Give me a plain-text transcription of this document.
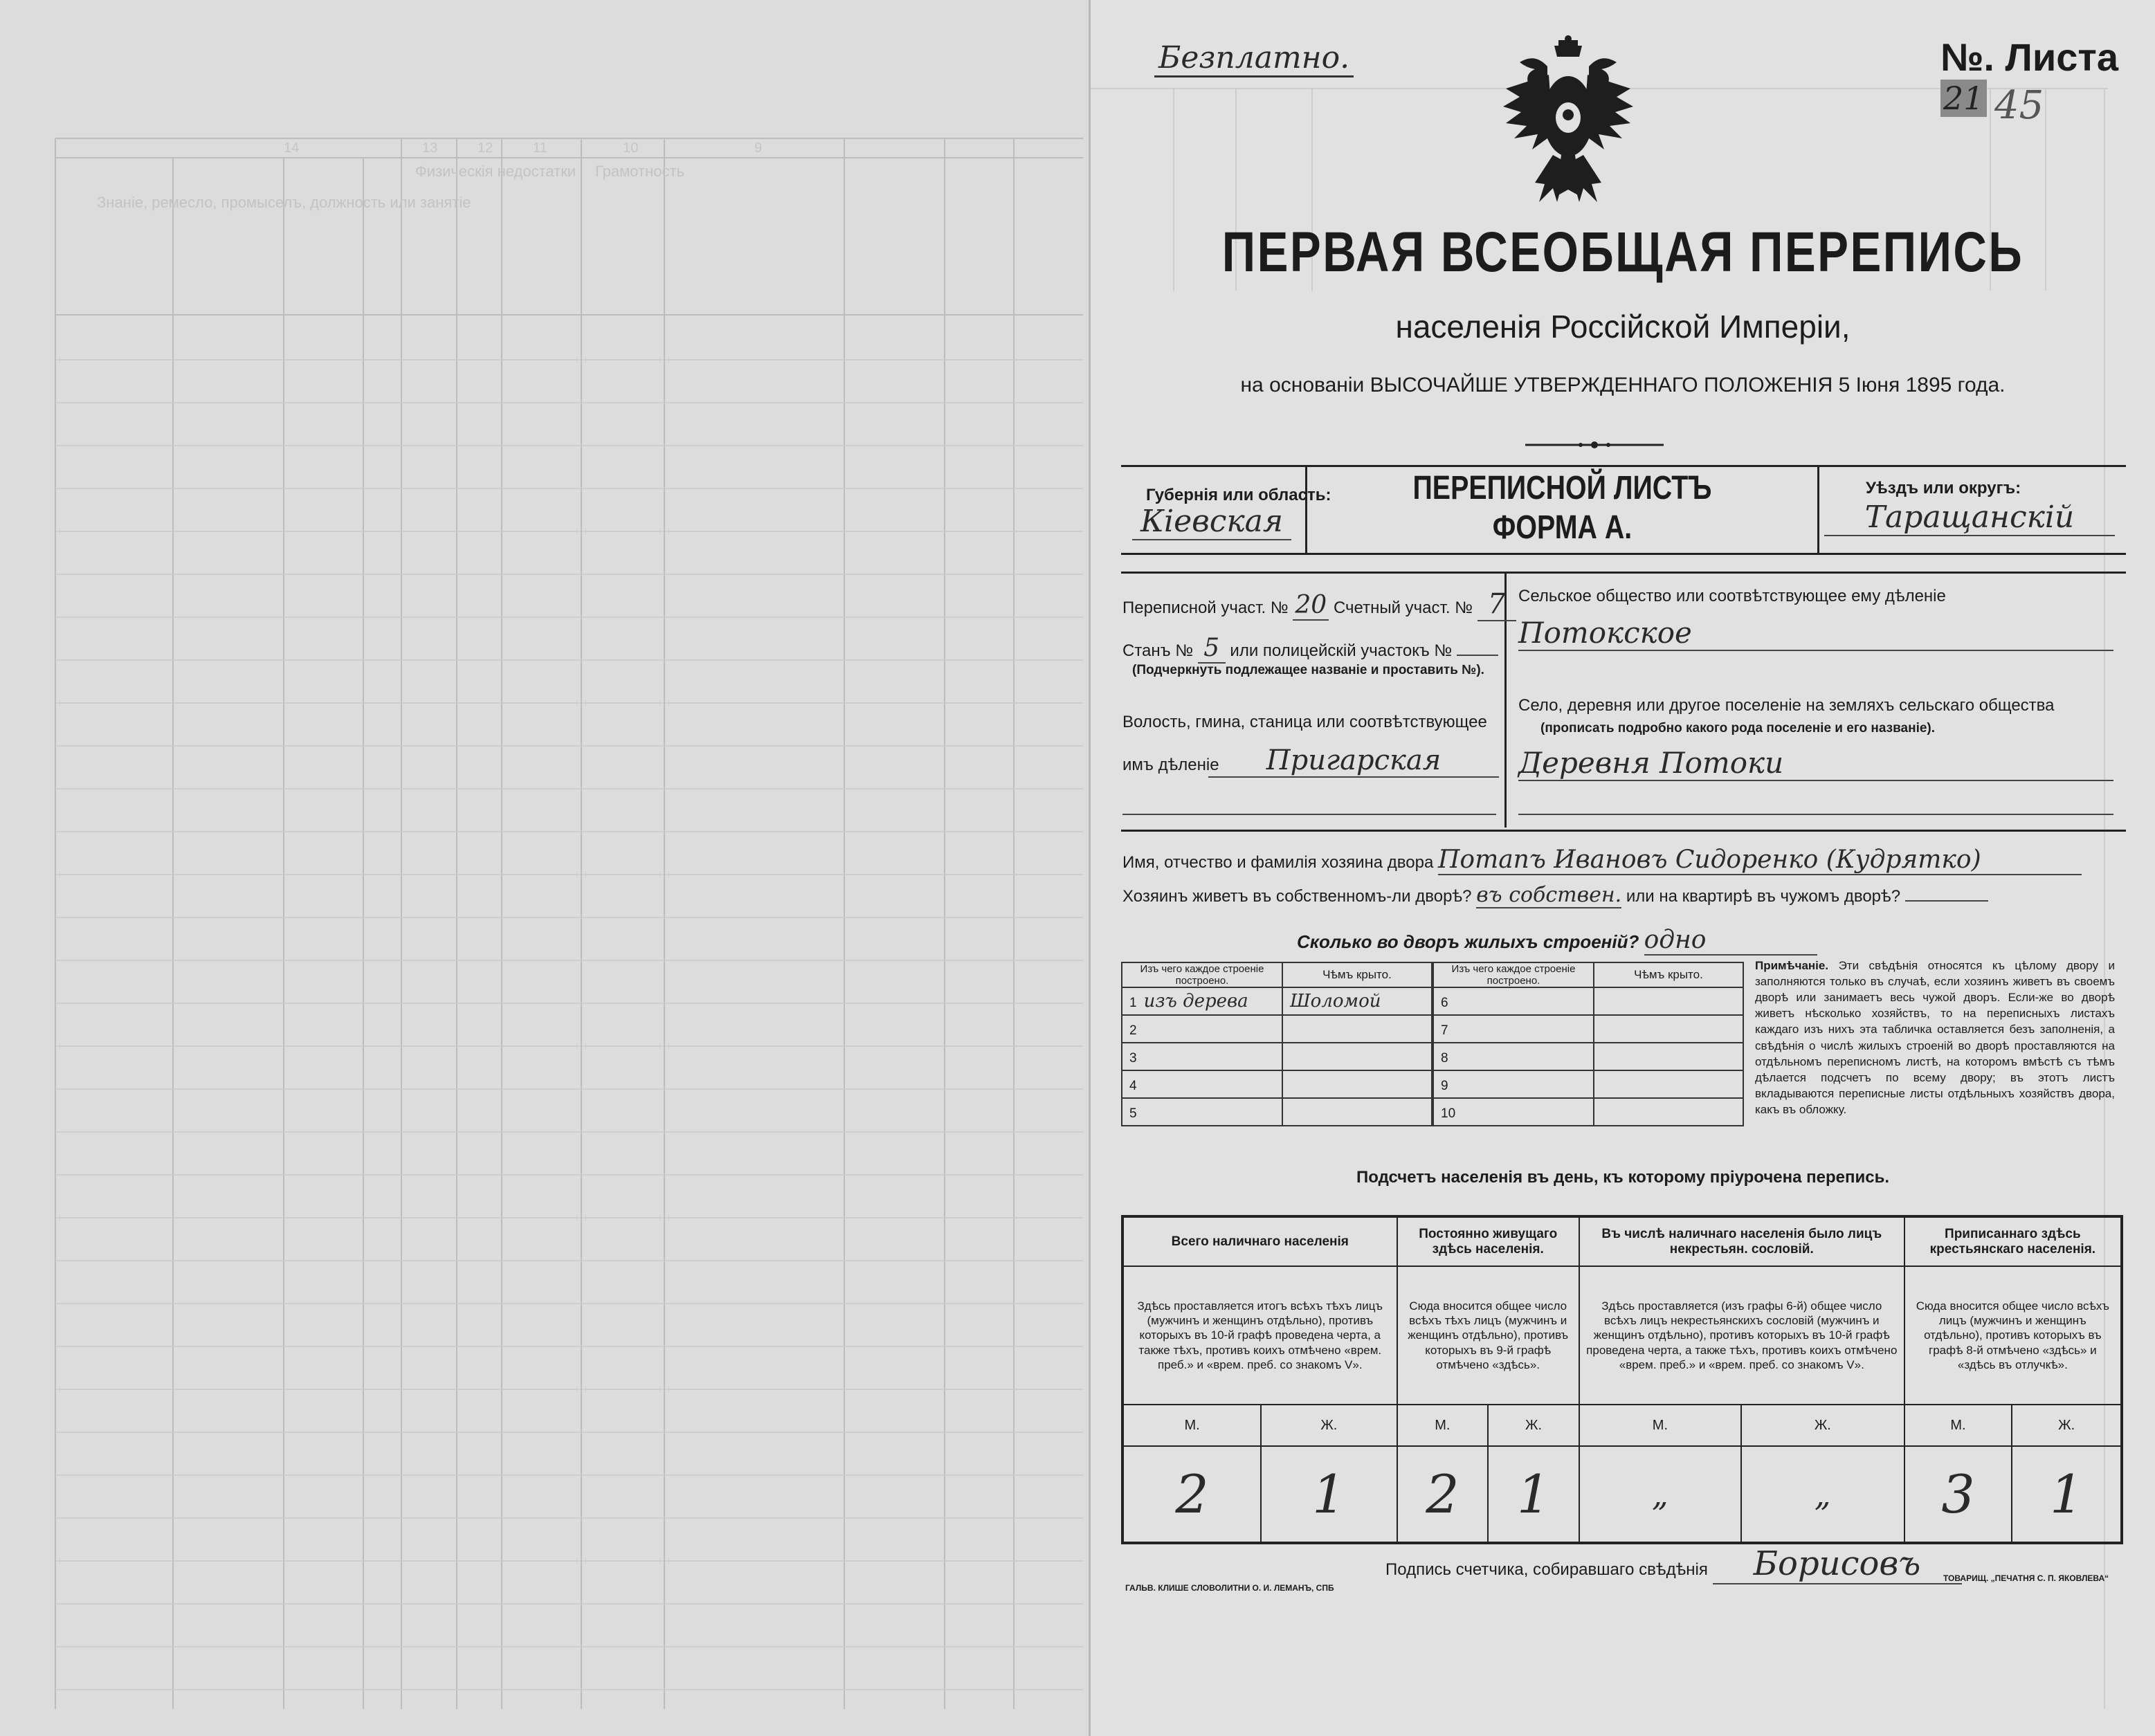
14	13	12	11	10	9
Физическія недостатки Грамотность
Знаніе, ремесло, промыселъ, должность или занятіе
Безплатно.	№. Листа 21 45
ПЕРВАЯ ВСЕОБЩАЯ ПЕРЕПИСЬ
населенія Россійской Имперіи,
на основаніи ВЫСОЧАЙШЕ УТВЕРЖДЕННАГО ПОЛОЖЕНІЯ 5 Іюня 1895 года.
Губернія или область:
Кіевская
ПЕРЕПИСНОЙ ЛИСТЪ
ФОРМА А.
Уѣздъ или округъ:
Таращанскій
Переписной участ. № 20 Счетный участ. № 7
Станъ № 5 или полицейскій участокъ №
(Подчеркнуть подлежащее названіе и проставить №).
Волость, гмина, станица или соотвѣтствующее
имъ дѣленіе	Пригарская
Сельское общество или соотвѣтствующее ему дѣленіе
Потокское
Село, деревня или другое поселеніе на земляхъ сельскаго общества
(прописать подробно какого рода поселеніе и его названіе).
Деревня Потоки
Имя, отчество и фамилія хозяина двора Потапъ Ивановъ Сидоренко (Кудрятко)
Хозяинъ живетъ въ собственномъ-ли дворѣ? въ собствен. или на квартирѣ въ чужомъ дворѣ?
Сколько во дворъ жилыхъ строеній? одно
Изъ чего каждое строеніе построено.	Чѣмъ крыто.
1 изъ дерева	Шоломой
2	
3	
4	
5	
Изъ чего каждое строеніе построено.	Чѣмъ крыто.
6	
7	
8	
9	
10	
Примѣчаніе. Эти свѣдѣнія относятся къ цѣлому двору и заполняются только въ случаѣ, если хозяинъ живетъ въ своемъ дворѣ или занимаетъ весь чужой дворъ. Если-же во дворѣ живетъ нѣсколько хозяйствъ, то на переписныхъ листахъ каждаго изъ нихъ эта табличка оставляется безъ заполненія, а свѣдѣнія о числѣ жилыхъ строеній во дворѣ проставляются на отдѣльномъ переписномъ листѣ, на которомъ вмѣстѣ съ тѣмъ дѣлается подсчетъ по всему двору; въ этотъ листъ вкладываются переписные листы отдѣльныхъ хозяйствъ двора, какъ въ обложку.
Подсчетъ населенія въ день, къ которому пріурочена перепись.
Всего наличнаго населенія		Постоянно живущаго здѣсь населенія.		Въ числѣ наличнаго населенія было лицъ некрестьян. сословій.		Приписаннаго здѣсь крестьянскаго населенія.	
Здѣсь проставляется итогъ всѣхъ тѣхъ лицъ (мужчинъ и женщинъ отдѣльно), противъ которыхъ въ 10-й графѣ проведена черта, а также тѣхъ, противъ коихъ отмѣчено «врем. преб.» и «врем. преб. со знакомъ V».		Сюда вносится общее число всѣхъ тѣхъ лицъ (мужчинъ и женщинъ отдѣльно), противъ которыхъ въ 9-й графѣ отмѣчено «здѣсь».		Здѣсь проставляется (изъ графы 6-й) общее число всѣхъ лицъ некрестьянскихъ сословій (мужчинъ и женщинъ отдѣльно), противъ которыхъ въ 10-й графѣ проведена черта, а также тѣхъ, противъ коихъ отмѣчено «врем. преб.» и «врем. преб. со знакомъ V».		Сюда вносится общее число всѣхъ лицъ (мужчинъ и женщинъ отдѣльно), противъ которыхъ въ графѣ 8-й отмѣчено «здѣсь» и «здѣсь въ отлучкѣ».	
М.	Ж.	М.	Ж.	М.	Ж.	М.	Ж.
2	1	2	1	„	„	3	1
Подпись счетчика, собиравшаго свѣдѣнія Борисовъ
ГАЛЬВ. КЛИШЕ СЛОВОЛИТНИ О. И. ЛЕМАНЪ, СПБ
ТОВАРИЩ. „ПЕЧАТНЯ С. П. ЯКОВЛЕВА“
